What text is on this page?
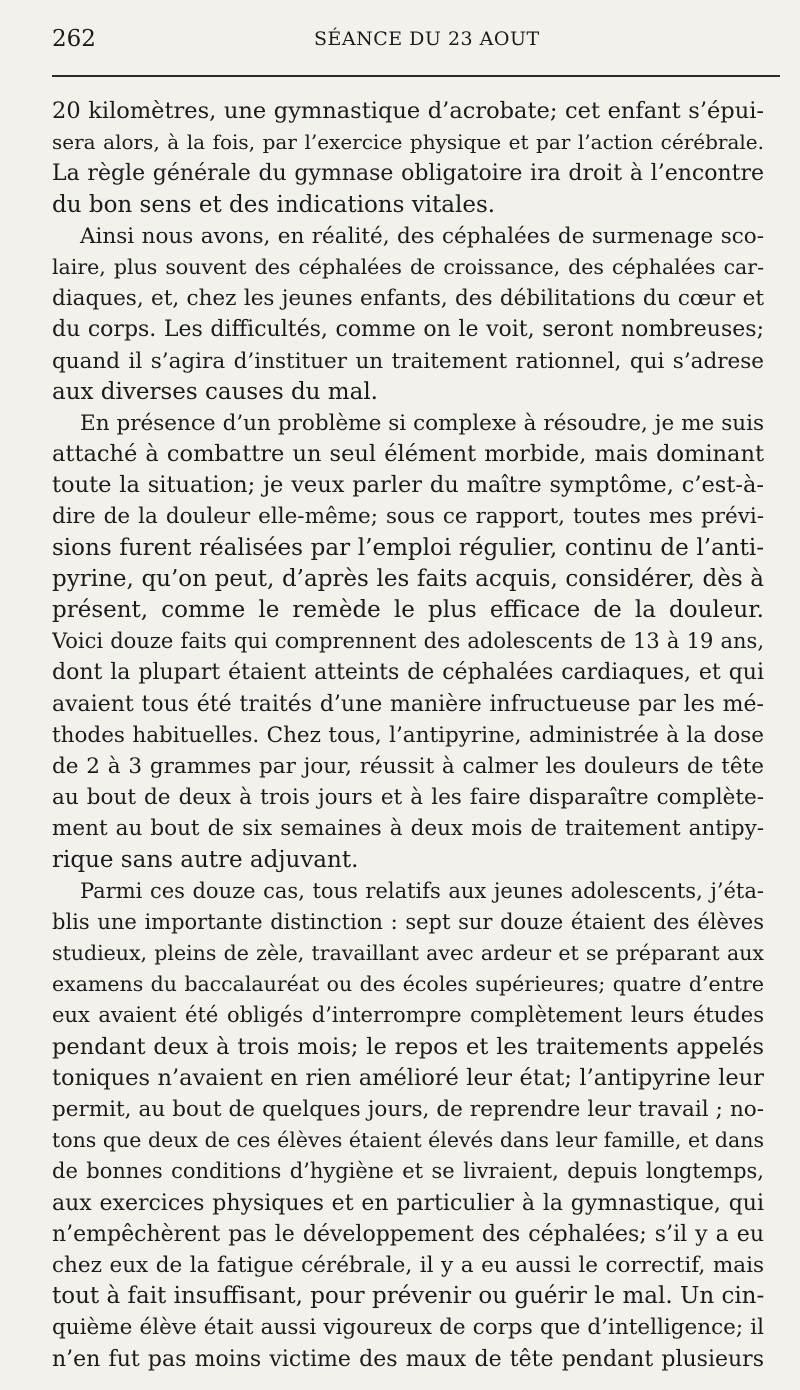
262	SÉANCE DU 23 AOUT
20 kilomètres, une gymnastique d’acrobate; cet enfant s’épui-
sera alors, à la fois, par l’exercice physique et par l’action cérébrale.
La règle générale du gymnase obligatoire ira droit à l’encontre
du bon sens et des indications vitales.
Ainsi nous avons, en réalité, des céphalées de surmenage sco-
laire, plus souvent des céphalées de croissance, des céphalées car-
diaques, et, chez les jeunes enfants, des débilitations du cœur et
du corps. Les difficultés, comme on le voit, seront nombreuses;
quand il s’agira d’instituer un traitement rationnel, qui s’adrese
aux diverses causes du mal.
En présence d’un problème si complexe à résoudre, je me suis
attaché à combattre un seul élément morbide, mais dominant
toute la situation; je veux parler du maître symptôme, c’est-à-
dire de la douleur elle-même; sous ce rapport, toutes mes prévi-
sions furent réalisées par l’emploi régulier, continu de l’anti-
pyrine, qu’on peut, d’après les faits acquis, considérer, dès à
présent, comme le remède le plus efficace de la douleur.
Voici douze faits qui comprennent des adolescents de 13 à 19 ans,
dont la plupart étaient atteints de céphalées cardiaques, et qui
avaient tous été traités d’une manière infructueuse par les mé-
thodes habituelles. Chez tous, l’antipyrine, administrée à la dose
de 2 à 3 grammes par jour, réussit à calmer les douleurs de tête
au bout de deux à trois jours et à les faire disparaître complète-
ment au bout de six semaines à deux mois de traitement antipy-
rique sans autre adjuvant.
Parmi ces douze cas, tous relatifs aux jeunes adolescents, j’éta-
blis une importante distinction : sept sur douze étaient des élèves
studieux, pleins de zèle, travaillant avec ardeur et se préparant aux
examens du baccalauréat ou des écoles supérieures; quatre d’entre
eux avaient été obligés d’interrompre complètement leurs études
pendant deux à trois mois; le repos et les traitements appelés
toniques n’avaient en rien amélioré leur état; l’antipyrine leur
permit, au bout de quelques jours, de reprendre leur travail ; no-
tons que deux de ces élèves étaient élevés dans leur famille, et dans
de bonnes conditions d’hygiène et se livraient, depuis longtemps,
aux exercices physiques et en particulier à la gymnastique, qui
n’empêchèrent pas le développement des céphalées; s’il y a eu
chez eux de la fatigue cérébrale, il y a eu aussi le correctif, mais
tout à fait insuffisant, pour prévenir ou guérir le mal. Un cin-
quième élève était aussi vigoureux de corps que d’intelligence; il
n’en fut pas moins victime des maux de tête pendant plusieurs
